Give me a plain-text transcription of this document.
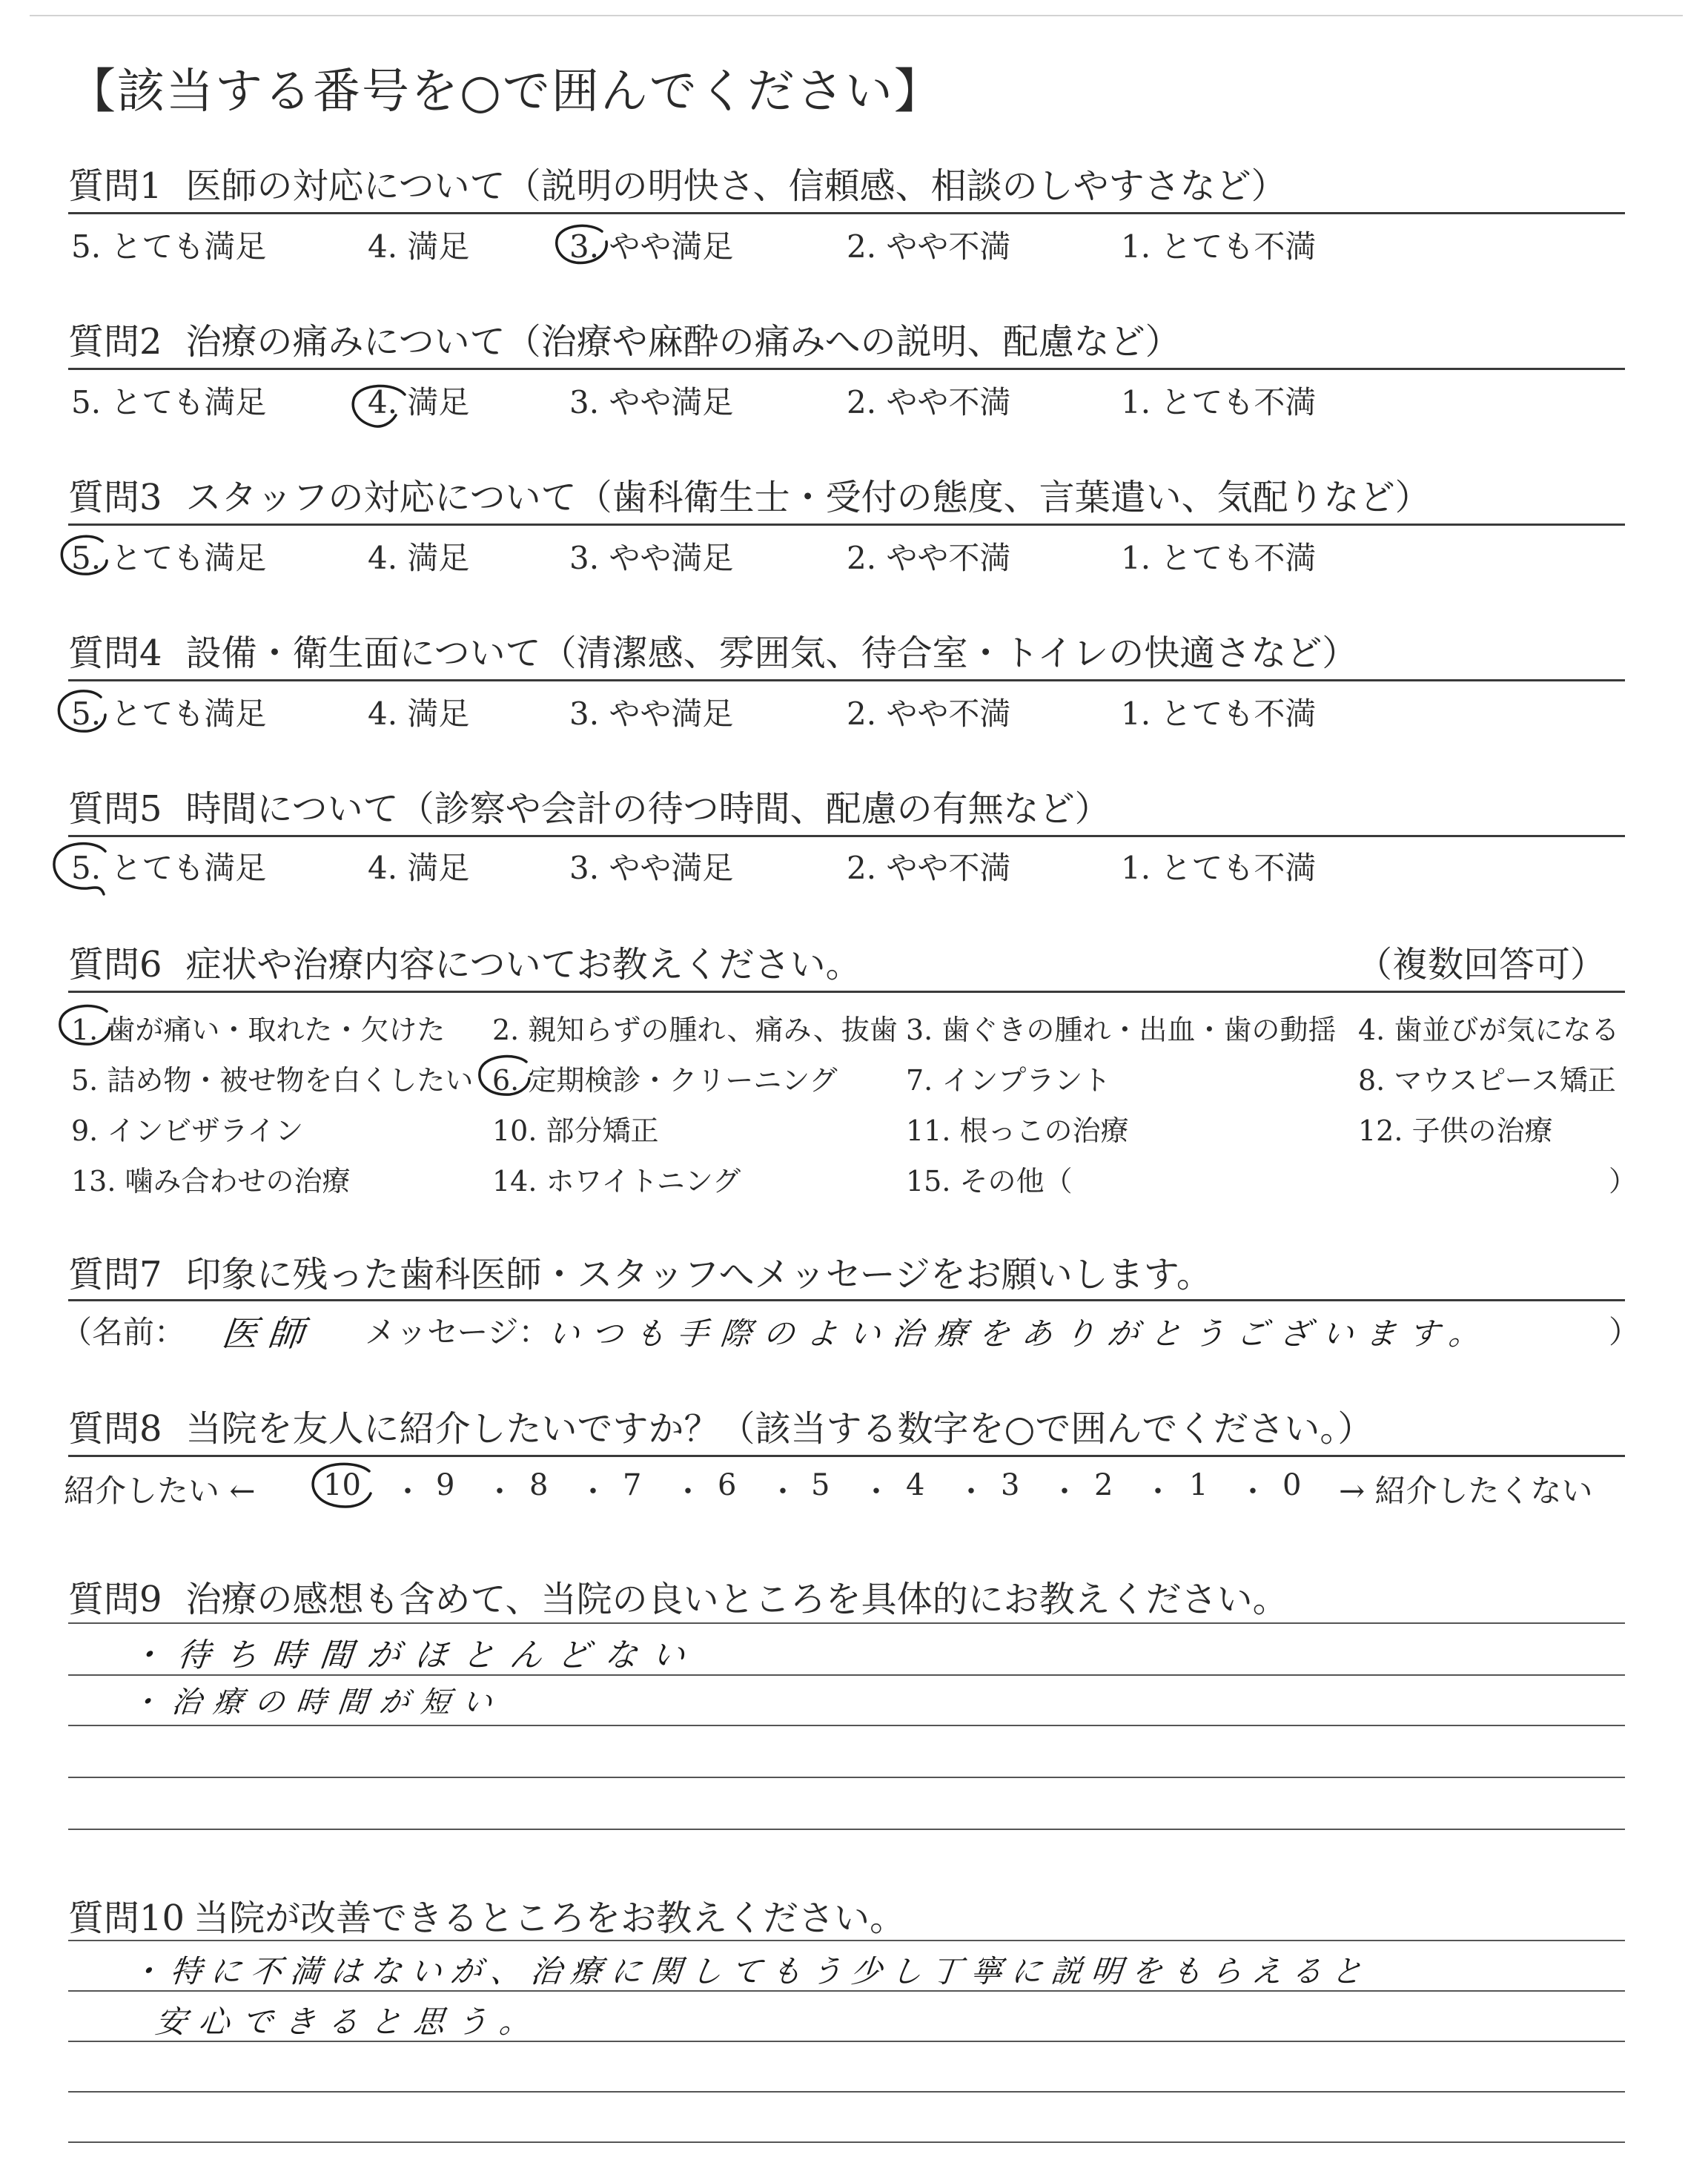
【該当する番号を○で囲んでください】
質問1 医師の対応について（説明の明快さ、信頼感、相談のしやすさなど）
5. とても満足	4. 満足	3. やや満足	2. やや不満	1. とても不満
質問2 治療の痛みについて（治療や麻酔の痛みへの説明、配慮など）
5. とても満足	4. 満足	3. やや満足	2. やや不満	1. とても不満
質問3 スタッフの対応について（歯科衛生士・受付の態度、言葉遣い、気配りなど）
5. とても満足	4. 満足	3. やや満足	2. やや不満	1. とても不満
質問4 設備・衛生面について（清潔感、雰囲気、待合室・トイレの快適さなど）
5. とても満足	4. 満足	3. やや満足	2. やや不満	1. とても不満
質問5 時間について（診察や会計の待つ時間、配慮の有無など）
5. とても満足	4. 満足	3. やや満足	2. やや不満	1. とても不満
質問6 症状や治療内容についてお教えください。	（複数回答可）
1. 歯が痛い・取れた・欠けた 2. 親知らずの腫れ、痛み、抜歯 3. 歯ぐきの腫れ・出血・歯の動揺 4. 歯並びが気になる
5. 詰め物・被せ物を白くしたい 6. 定期検診・クリーニング 7. インプラント	8. マウスピース矯正
9. インビザライン	10. 部分矯正	11. 根っこの治療	12. 子供の治療
13. 噛み合わせの治療	14. ホワイトニング	15. その他（	）
質問7 印象に残った歯科医師・スタッフへメッセージをお願いします。
（名前： 医師 メッセージ：
いつも手際のよい治療をありがとうございます。	）
質問8 当院を友人に紹介したいですか？（該当する数字を○で囲んでください。）
紹介したい ← 10 ・ 9 ・ 8 ・ 7 ・ 6 ・ 5 ・ 4 ・ 3 ・ 2 ・ 1 ・ 0 → 紹介したくない
質問9 治療の感想も含めて、当院の良いところを具体的にお教えください。
・待ち時間がほとんどない
・治療の時間が短い
質問10 当院が改善できるところをお教えください。
・特に不満はないが、治療に関してもう少し丁寧に説明をもらえると
安心できると思う。
